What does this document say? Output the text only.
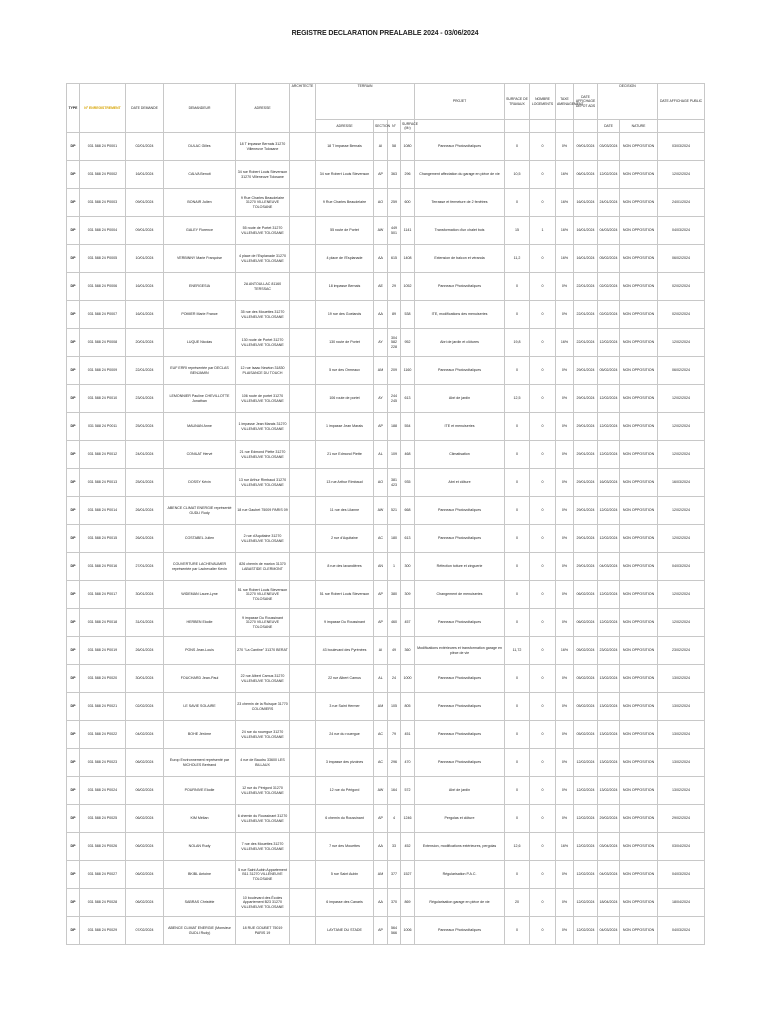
REGISTRE DECLARATION PREALABLE 2024 - 03/06/2024
TYPE	N° ENREGISTREMENT	DATE DEMANDE	DEMANDEUR	ADRESSE	ARCHITECTE	TERRAIN				PROJET	SURFACE DE TRAVAUX	NOMBRE LOGEMENTS	TAXE AMENAGEMENT	DATE AFFICHAGE DEPOT ADS	DECISION		DATE AFFICHAGE PUBLIC
						ADRESSE	SECTION	N°	SURFACE (M²)						DATE	NATURE	

DP	031 588 24 P0001	02/01/2024	DULAC Gilles	18 T impasse Bernais 31270 Villeneuve Tolosane		18 T impasse Bernais	AI	58	1080	Panneaux Photovoltaïques	0	0	0%	09/01/2024	03/03/2024	NON OPPOSITION	03/03/2024
DP	031 588 24 P0002	16/01/2024	CALVA Benoit	34 rue Robert Louis Stevenson 31270 Villeneuve Tolosane		34 rue Robert Louis Stevenson	AP	363	296	Changement affectation du garage en pièce de vie	10,5	0	16%	06/01/2024	12/02/2024	NON OPPOSITION	12/02/2024
DP	031 588 24 P0003	09/01/2024	BONAIR Julien	9 Rue Charles Beaudelaire 31270 VILLENEUVE TOLOSANE		9 Rue Charles Beaudelaire	AO	259	600	Terrasse et fermeture de 2 fenêtres	0	0	16%	16/01/2024	24/01/2024	NON OPPOSITION	24/01/2024
DP	031 588 24 P0004	09/01/2024	GALEY Florence	55 route de Portet 31270 VILLENEUVE TOLOSANE		55 route de Portet	AW	449 501	1141	Transformation d'un chalet bois	15	1	16%	16/01/2024	04/03/2024	NON OPPOSITION	04/03/2024
DP	031 588 24 P0005	10/01/2024	VERBINNY Marie Françoise	4 place de l'Esplanade 31270 VILLENEUVE TOLOSANE		4 place de l'Esplanade	AA	615	1408	Extension de balcon et véranda	11,2	0	16%	16/01/2024	05/02/2024	NON OPPOSITION	06/02/2024
DP	031 588 24 P0006	16/01/2024	ENERGESIA	2A ANTOULLAC 81160 TERSSAC		18 impasse Bernais	AE	29	1052	Panneaux Photovoltaïques	0	0	0%	22/01/2024	02/02/2024	NON OPPOSITION	02/02/2024
DP	031 588 24 P0007	16/01/2024	POMIER Marie France	35 rue des Mouettes 31270 VILLENEUVE TOLOSANE		19 rue des Goelands	AA	89	538	ITE, modifications des menuiseries	0	0	0%	22/01/2024	02/02/2024	NON OPPOSITION	02/02/2024
DP	031 588 24 P0008	20/01/2024	LUQUE Nicolas	130 route de Portet 31270 VILLENEUVE TOLOSANE		130 route de Portet	AY	304 582 228	952	Abri de jardin et clôtures	19,8	0	16%	22/01/2024	12/02/2024	NON OPPOSITION	12/02/2024
DP	031 588 24 P0009	22/01/2024	EUF ERRI représentée par DECLAS BENJAMIN	12 rue Isaac Newton 31830 PLAISANCE DU TOUCH		5 rue des Ormeaux	AM	209	1160	Panneaux Photovoltaïques	0	0	0%	29/01/2024	05/02/2024	NON OPPOSITION	06/02/2024
DP	031 588 24 P0010	23/01/2024	LEMONNIER Pauline CHEVILLOTTE Jonathan	106 route de portet 31270 VILLENEUVE TOLOSANE		106 route de portet	AY	244 245	613	Abri de jardin	12,5	0	0%	29/01/2024	12/02/2024	NON OPPOSITION	12/02/2024
DP	031 588 24 P0011	25/01/2024	MAUNAN Anne	1 impasse Jean Marais 31270 VILLENEUVE TOLOSANE		1 impasse Jean Marais	AP	188	554	ITE et menuiseries	0	0	0%	29/01/2024	12/02/2024	NON OPPOSITION	12/02/2024
DP	031 588 24 P0012	24/01/2024	CONILAT Hervé	21 rue Edmond Piette 31270 VILLENEUVE TOLOSANE		21 rue Edmond Piette	AL	109	468	Climatisation	0	0	0%	29/01/2024	12/02/2024	NON OPPOSITION	12/02/2024
DP	031 588 24 P0013	25/01/2024	DOSSY Kévin	13 rue Arthur Rimbaud 31270 VILLENEUVE TOLOSANE		13 rue Arthur Rimbaud	AO	381 423	935	Abri et clôture	0	0	0%	29/01/2024	16/03/2024	NON OPPOSITION	16/03/2024
DP	031 588 24 P0014	26/01/2024	ABENCE CLIMAT ENERGIE représenté GUDLI Rudy	18 rue Gaubet 75009 PARIS 09		11 rue des Lilanne	AW	521	668	Panneaux Photovoltaïques	0	0	0%	29/01/2024	12/02/2024	NON OPPOSITION	12/02/2024
DP	031 588 24 P0015	26/01/2024	COSTABEL Julien	2 rue d'Aquitaine 31270 VILLENEUVE TOLOSANE		2 rue d'Aquitaine	AC	180	613	Panneaux Photovoltaïques	0	0	0%	29/01/2024	12/02/2024	NON OPPOSITION	12/02/2024
DP	031 588 24 P0016	27/01/2024	COUVERTURE LACHEVAUMER représentée par Lachevalier Kevin	826 chemin de marion 31370 LABASTIDE CLERMONT		8 rue des lavandières	AN	1	300	Réfection toiture et zinguerie	0	0	0%	29/01/2024	04/03/2024	NON OPPOSITION	04/03/2024
DP	031 588 24 P0017	30/01/2024	WIDEMAN Laure-Lyne	51 rue Robert Louis Stevenson 31270 VILLENEUVE TOLOSANE		51 rue Robert Louis Stevenson	AP	380	309	Changement de menuiseries	0	0	0%	06/02/2024	12/02/2024	NON OPPOSITION	12/02/2024
DP	031 588 24 P0018	31/01/2024	HERBEN Elodie	9 impasse Du Roussinant 31270 VILLENEUVE TOLOSANE		9 impasse Du Roussinant	AP	460	457	Panneaux Photovoltaïques	0	0	0%	06/02/2024	12/02/2024	NON OPPOSITION	12/02/2024
DP	031 588 24 P0019	26/01/2024	PONS Jean-Louis	270 "La Cantine" 31370 BERAT		43 boulevard des Pyrénées	AI	49	360	Modifications extérieures et transformation garage en pièce de vie	11,72	0	16%	05/02/2024	23/02/2024	NON OPPOSITION	23/02/2024
DP	031 588 24 P0020	30/01/2024	FOUCHARD Jean-Paul	22 rue Albert Camus 31270 VILLENEUVE TOLOSANE		22 rue Albert Camus	AL	24	1000	Panneaux Photovoltaïques	0	0	0%	05/02/2024	13/02/2024	NON OPPOSITION	13/02/2024
DP	031 588 24 P0021	02/02/2024	LE SAVIE SOLAIRE	23 chemin de la Ruisque 31770 COLOMIERS		3 rue Saint Hermer	AM	105	805	Panneaux Photovoltaïques	0	0	0%	05/02/2024	13/02/2024	NON OPPOSITION	13/02/2024
DP	031 588 24 P0022	04/02/2024	BOHE Jérôme	24 rue du rouergue 31270 VILLENEUVE TOLOSANE		24 rue du rouergue	AC	79	451	Panneaux Photovoltaïques	0	0	0%	05/02/2024	13/02/2024	NON OPPOSITION	13/02/2024
DP	031 588 24 P0023	06/02/2024	Europ Environnement représenté par NICHOLES Bertrand	4 rue de Baudru 33600 LES BILLAUX		3 impasse des pivoines	AC	296	470	Panneaux Photovoltaïques	0	0	0%	12/02/2024	13/02/2024	NON OPPOSITION	13/02/2024
DP	031 588 24 P0024	06/02/2024	POURNIVE Elodie	12 rue du Périgord 31270 VILLENEUVE TOLOSANE		12 rue du Périgord	AW	164	572	Abri de jardin	0	0	0%	12/02/2024	13/02/2024	NON OPPOSITION	13/02/2024
DP	031 588 24 P0025	06/02/2024	KIM Mélian	6 chemin du Roussinant 31270 VILLENEUVE TOLOSANE		6 chemin du Roussinant	AP	4	1246	Pergolas et clôture	0	0	0%	12/02/2024	29/02/2024	NON OPPOSITION	29/02/2024
DP	031 588 24 P0026	06/02/2024	NOLAN Rudy	7 rue des Mouettes 31270 VILLENEUVE TOLOSANE		7 rue des Mouettes	AA	33	452	Extension, modifications extérieures, pergolas	12,6	0	16%	12/02/2024	03/04/2024	NON OPPOSITION	03/04/2024
DP	031 588 24 P0027	06/02/2024	BKIBL Antoine	5 rue Saint Aubin Appartement B11 31270 VILLENEUVE TOLOSANE		5 rue Saint Aubin	AM	377	1527	Régularisation P.A.C.	0	0	0%	12/02/2024	04/03/2024	NON OPPOSITION	04/03/2024
DP	031 588 24 P0028	06/02/2024	SABRAS Christèle	10 boulevard des Écoles Appartement B23 31270 VILLENEUVE TOLOSANE		6 impasse des Canaris	AA	370	869	Régularisation garage en pièce de vie	20	0	0%	12/02/2024	18/04/2024	NON OPPOSITION	18/04/2024
DP	031 588 24 P0029	07/02/2024	ABENCE CLIMAT ENERGIE (Monsieur GUDLI Rudy)	18 RUE GOUBET 75019 PARIS 19		LAYTANE DU STADE	AP	564 566	1006	Panneaux Photovoltaïques	0	0	0%	12/02/2024	04/03/2024	NON OPPOSITION	04/03/2024
